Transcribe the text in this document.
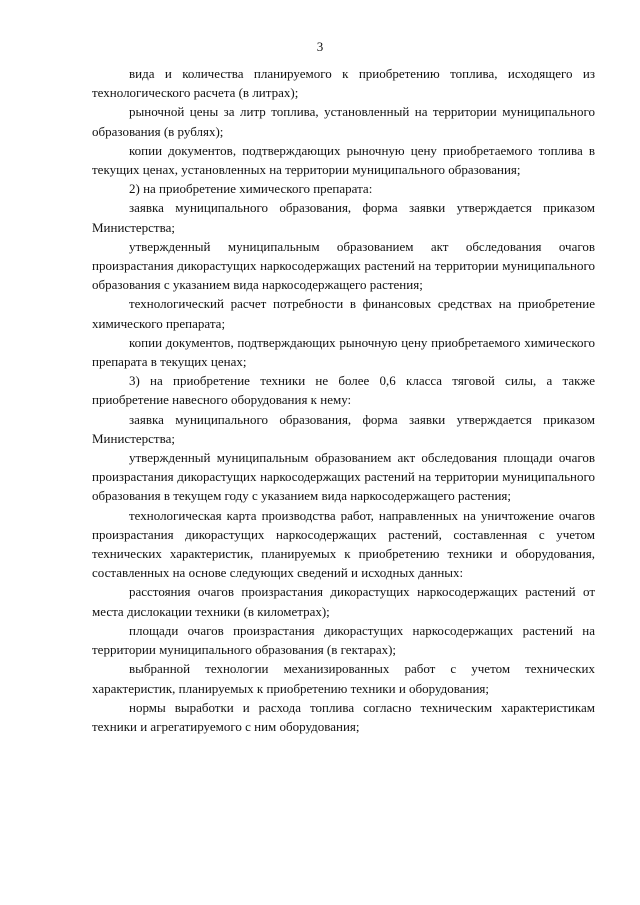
3

вида и количества планируемого к приобретению топлива, исходящего из технологического расчета (в литрах);

рыночной цены за литр топлива, установленный на территории муниципального образования (в рублях);

копии документов, подтверждающих рыночную цену приобретаемого топлива в текущих ценах, установленных на территории муниципального образования;

2) на приобретение химического препарата:

заявка муниципального образования, форма заявки утверждается приказом Министерства;

утвержденный муниципальным образованием акт обследования очагов произрастания дикорастущих наркосодержащих растений на территории муниципального образования с указанием вида наркосодержащего растения;

технологический расчет потребности в финансовых средствах на приобретение химического препарата;

копии документов, подтверждающих рыночную цену приобретаемого химического препарата в текущих ценах;

3) на приобретение техники не более 0,6 класса тяговой силы, а также приобретение навесного оборудования к нему:

заявка муниципального образования, форма заявки утверждается приказом Министерства;

утвержденный муниципальным образованием акт обследования площади очагов произрастания дикорастущих наркосодержащих растений на территории муниципального образования в текущем году с указанием вида наркосодержащего растения;

технологическая карта производства работ, направленных на уничтожение очагов произрастания дикорастущих наркосодержащих растений, составленная с учетом технических характеристик, планируемых к приобретению техники и оборудования, составленных на основе следующих сведений и исходных данных:

расстояния очагов произрастания дикорастущих наркосодержащих растений от места дислокации техники (в километрах);

площади очагов произрастания дикорастущих наркосодержащих растений на территории муниципального образования (в гектарах);

выбранной технологии механизированных работ с учетом технических характеристик, планируемых к приобретению техники и оборудования;

нормы выработки и расхода топлива согласно техническим характеристикам техники и агрегатируемого с ним оборудования;
